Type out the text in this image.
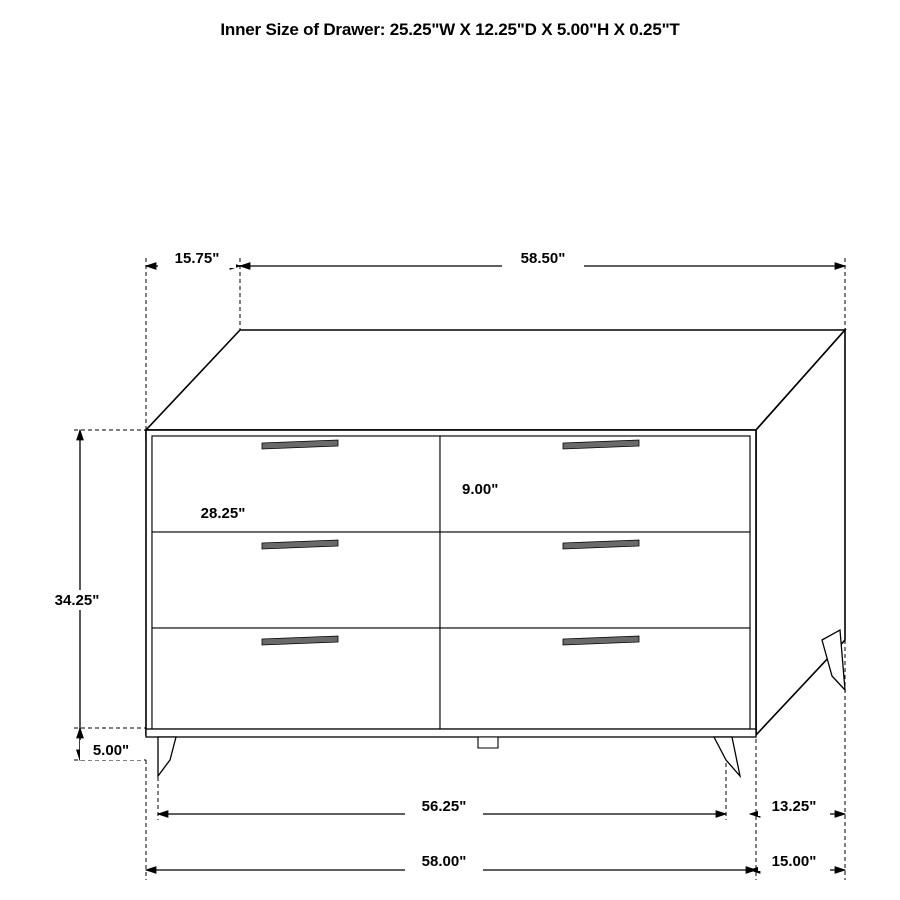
Inner Size of Drawer: 25.25"W X 12.25"D X 5.00"H X 0.25"T
15.75"	58.50"
9.00"
28.25"
34.25"
5.00"
56.25"	13.25"
58.00"	15.00"
